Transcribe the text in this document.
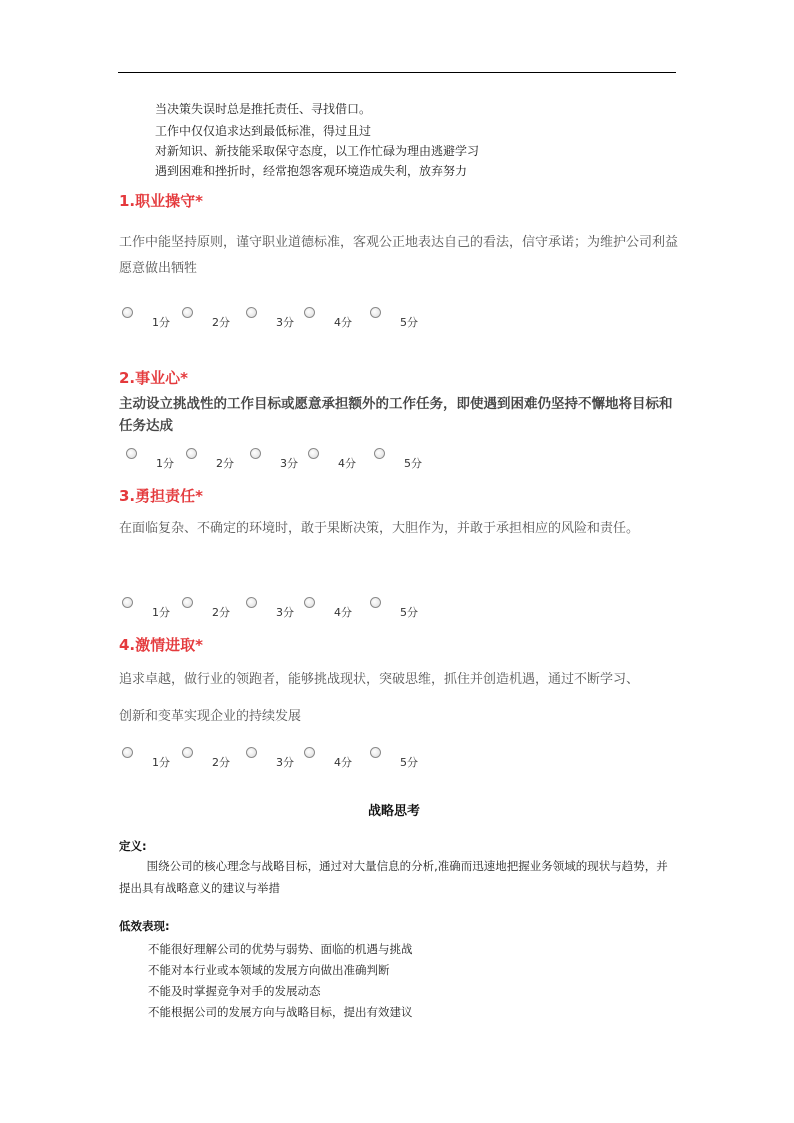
当决策失误时总是推托责任、寻找借口。
工作中仅仅追求达到最低标准，得过且过
对新知识、新技能采取保守态度，以工作忙碌为理由逃避学习
遇到困难和挫折时，经常抱怨客观环境造成失利，放弃努力
1.职业操守*
工作中能坚持原则，谨守职业道德标准，客观公正地表达自己的看法，信守承诺；为维护公司利益愿意做出牺牲
1分	2分	3分	4分	5分
2.事业心*
主动设立挑战性的工作目标或愿意承担额外的工作任务，即使遇到困难仍坚持不懈地将目标和任务达成
1分	2分	3分	4分	5分
3.勇担责任*
在面临复杂、不确定的环境时，敢于果断决策，大胆作为，并敢于承担相应的风险和责任。
1分	2分	3分	4分	5分
4.激情进取*
追求卓越，做行业的领跑者，能够挑战现状，突破思维，抓住并创造机遇，通过不断学习、
创新和变革实现企业的持续发展
1分	2分	3分	4分	5分
战略思考
定义:
围绕公司的核心理念与战略目标，通过对大量信息的分析,准确而迅速地把握业务领域的现状与趋势，并提出具有战略意义的建议与举措
低效表现:
不能很好理解公司的优势与弱势、面临的机遇与挑战
不能对本行业或本领域的发展方向做出准确判断
不能及时掌握竞争对手的发展动态
不能根据公司的发展方向与战略目标，提出有效建议
